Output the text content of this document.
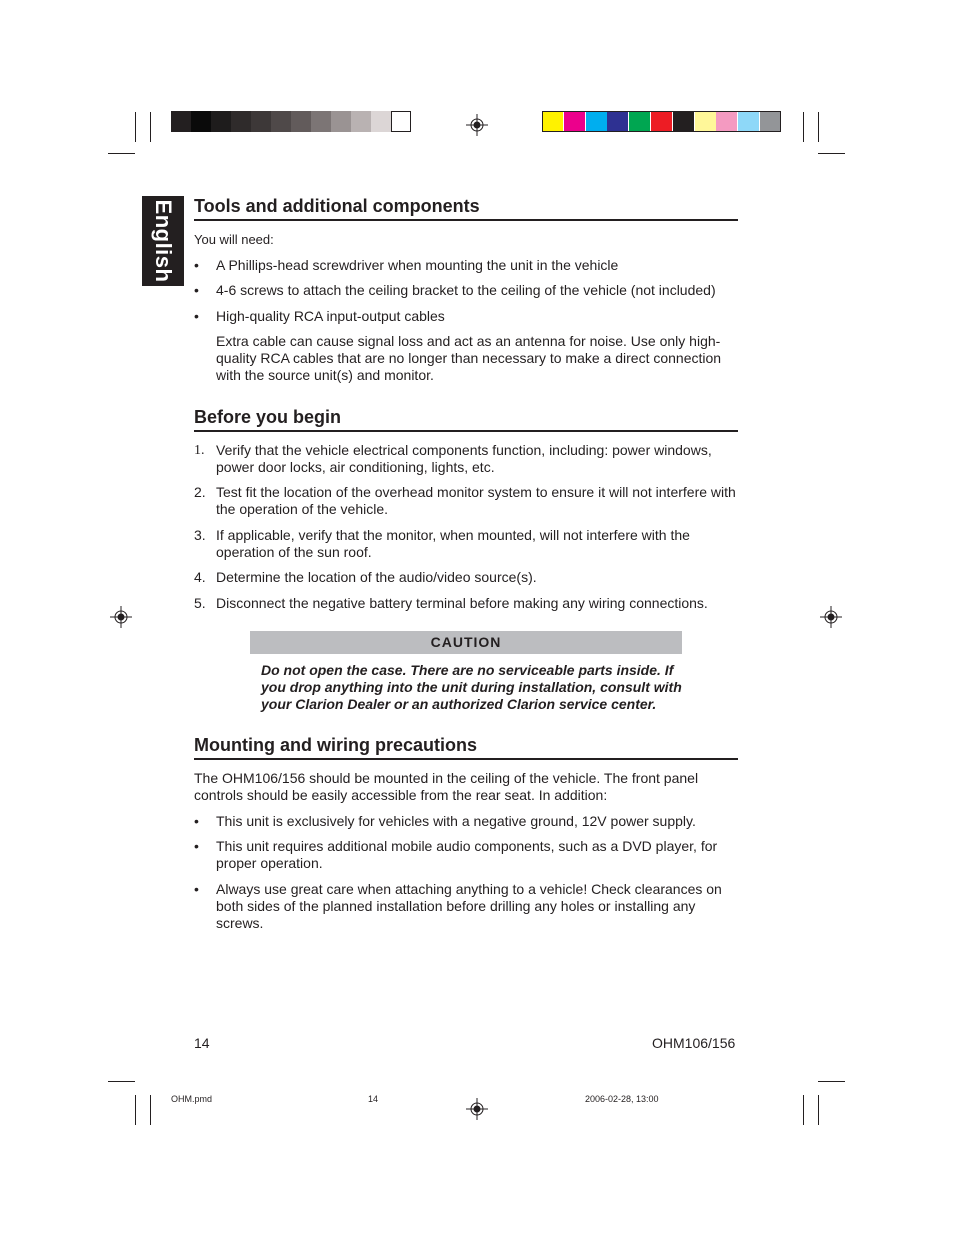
English Tools and additional components
You will need:
• A Phillips-head screwdriver when mounting the unit in the vehicle
• 4-6 screws to attach the ceiling bracket to the ceiling of the vehicle (not included)
• High-quality RCA input-output cables
Extra cable can cause signal loss and act as an antenna for noise. Use only high-quality RCA cables that are no longer than necessary to make a direct connection with the source unit(s) and monitor.
Before you begin
1. Verify that the vehicle electrical components function, including: power windows, power door locks, air conditioning, lights, etc.
2. Test fit the location of the overhead monitor system to ensure it will not interfere with the operation of the vehicle.
3. If applicable, verify that the monitor, when mounted, will not interfere with the operation of the sun roof.
4. Determine the location of the audio/video source(s).
5. Disconnect the negative battery terminal before making any wiring connections.
CAUTION
Do not open the case. There are no serviceable parts inside. If you drop anything into the unit during installation, consult with your Clarion Dealer or an authorized Clarion service center.
Mounting and wiring precautions
The OHM106/156 should be mounted in the ceiling of the vehicle. The front panel controls should be easily accessible from the rear seat. In addition:
• This unit is exclusively for vehicles with a negative ground, 12V power supply.
• This unit requires additional mobile audio components, such as a DVD player, for proper operation.
• Always use great care when attaching anything to a vehicle! Check clearances on both sides of the planned installation before drilling any holes or installing any screws.
14	OHM106/156
OHM.pmd	14	2006-02-28, 13:00
